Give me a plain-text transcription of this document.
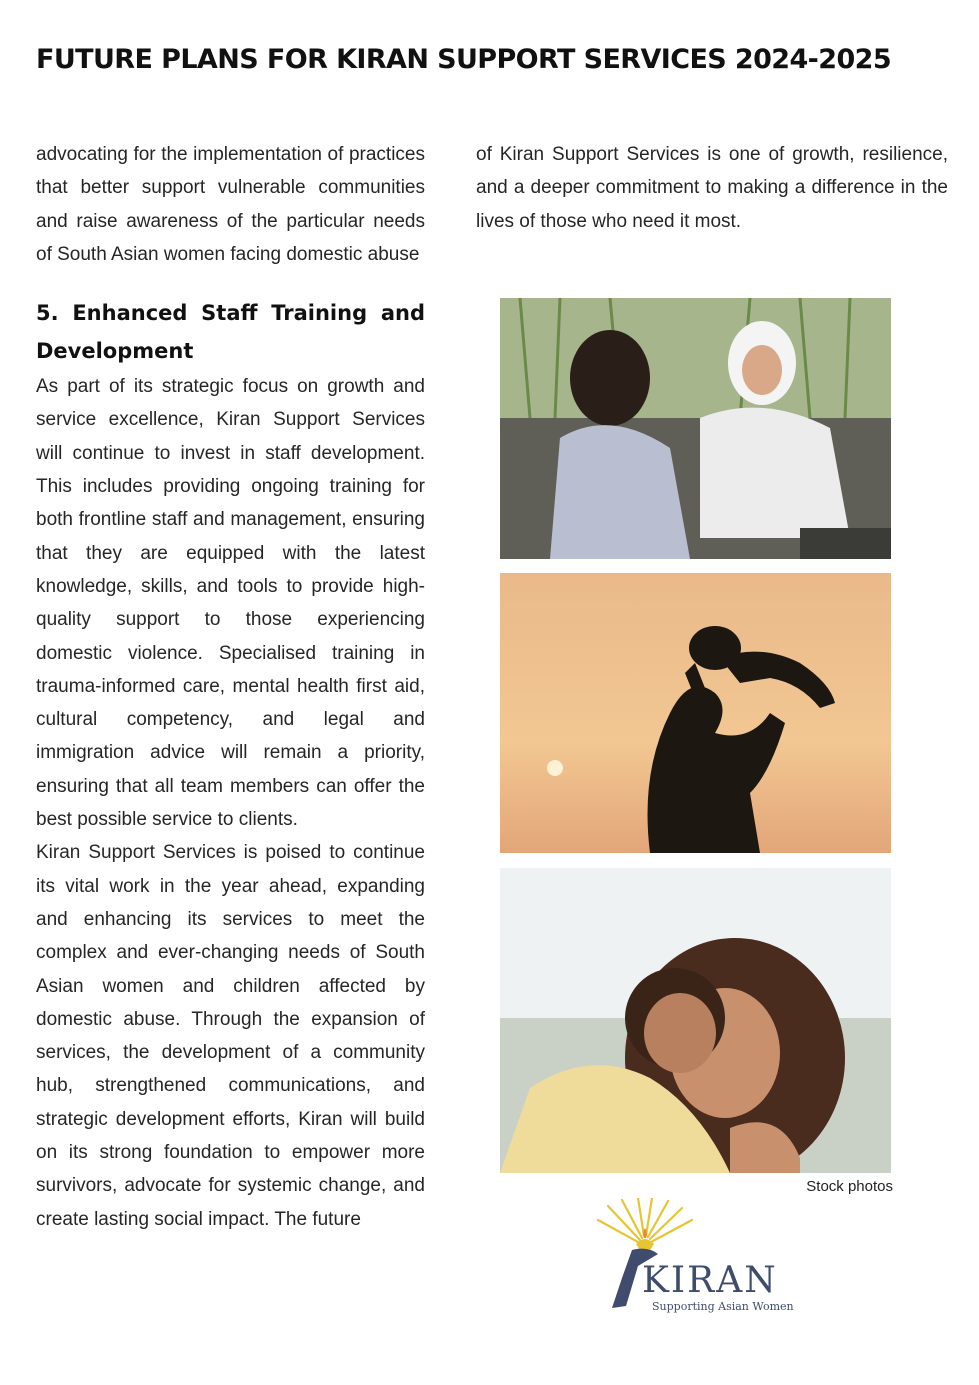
FUTURE PLANS FOR KIRAN SUPPORT SERVICES 2024-2025

advocating for the implementation of practices that better support vulnerable communities and raise awareness of the particular needs of South Asian women facing domestic abuse

5. Enhanced Staff Training and Development

As part of its strategic focus on growth and service excellence, Kiran Support Services will continue to invest in staff development. This includes providing ongoing training for both frontline staff and management, ensuring that they are equipped with the latest knowledge, skills, and tools to provide high-quality support to those experiencing domestic violence. Specialised training in trauma-informed care, mental health first aid, cultural competency, and legal and immigration advice will remain a priority, ensuring that all team members can offer the best possible service to clients.

Kiran Support Services is poised to continue its vital work in the year ahead, expanding and enhancing its services to meet the complex and ever-changing needs of South Asian women and children affected by domestic abuse. Through the expansion of services, the development of a community hub, strengthened communications, and strategic development efforts, Kiran will build on its strong foundation to empower more survivors, advocate for systemic change, and create lasting social impact. The future

of Kiran Support Services is one of growth, resilience, and a deeper commitment to making a difference in the lives of those who need it most.

Stock photos
KIRAN
Supporting Asian Women
